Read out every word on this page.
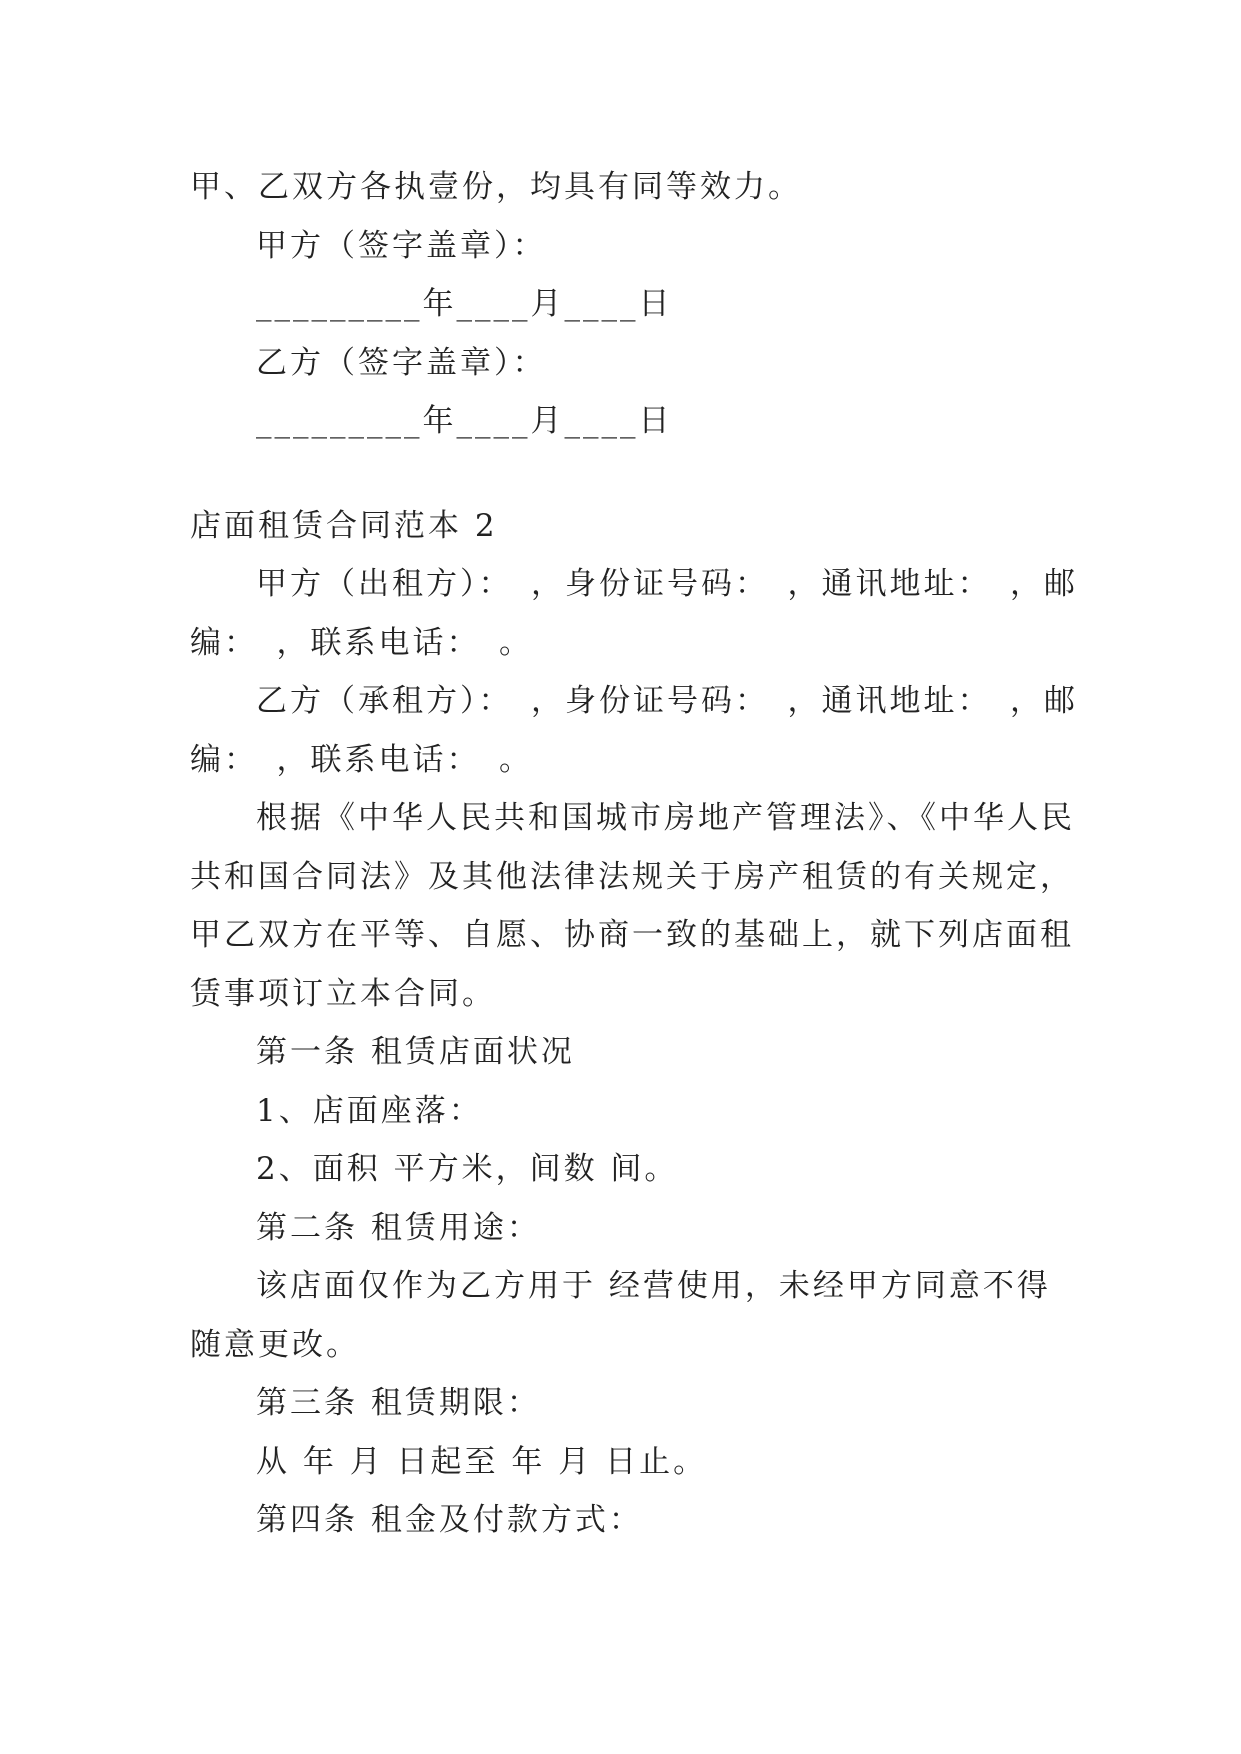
甲、乙双方各执壹份，均具有同等效力。
甲方（签字盖章）：
_________年____月____日
乙方（签字盖章）：
_________年____月____日
店面租赁合同范本 2
甲方（出租方）：　，身份证号码：　，通讯地址：　，邮
编：　，联系电话：　。
乙方（承租方）：　，身份证号码：　，通讯地址：　，邮
编：　，联系电话：　。
根据《中华人民共和国城市房地产管理法》、《中华人民
共和国合同法》及其他法律法规关于房产租赁的有关规定，
甲乙双方在平等、自愿、协商一致的基础上，就下列店面租
赁事项订立本合同。
第一条 租赁店面状况
1、店面座落：
2、面积 平方米，间数 间。
第二条 租赁用途：
该店面仅作为乙方用于 经营使用，未经甲方同意不得
随意更改。
第三条 租赁期限：
从 年 月 日起至 年 月 日止。
第四条 租金及付款方式：
